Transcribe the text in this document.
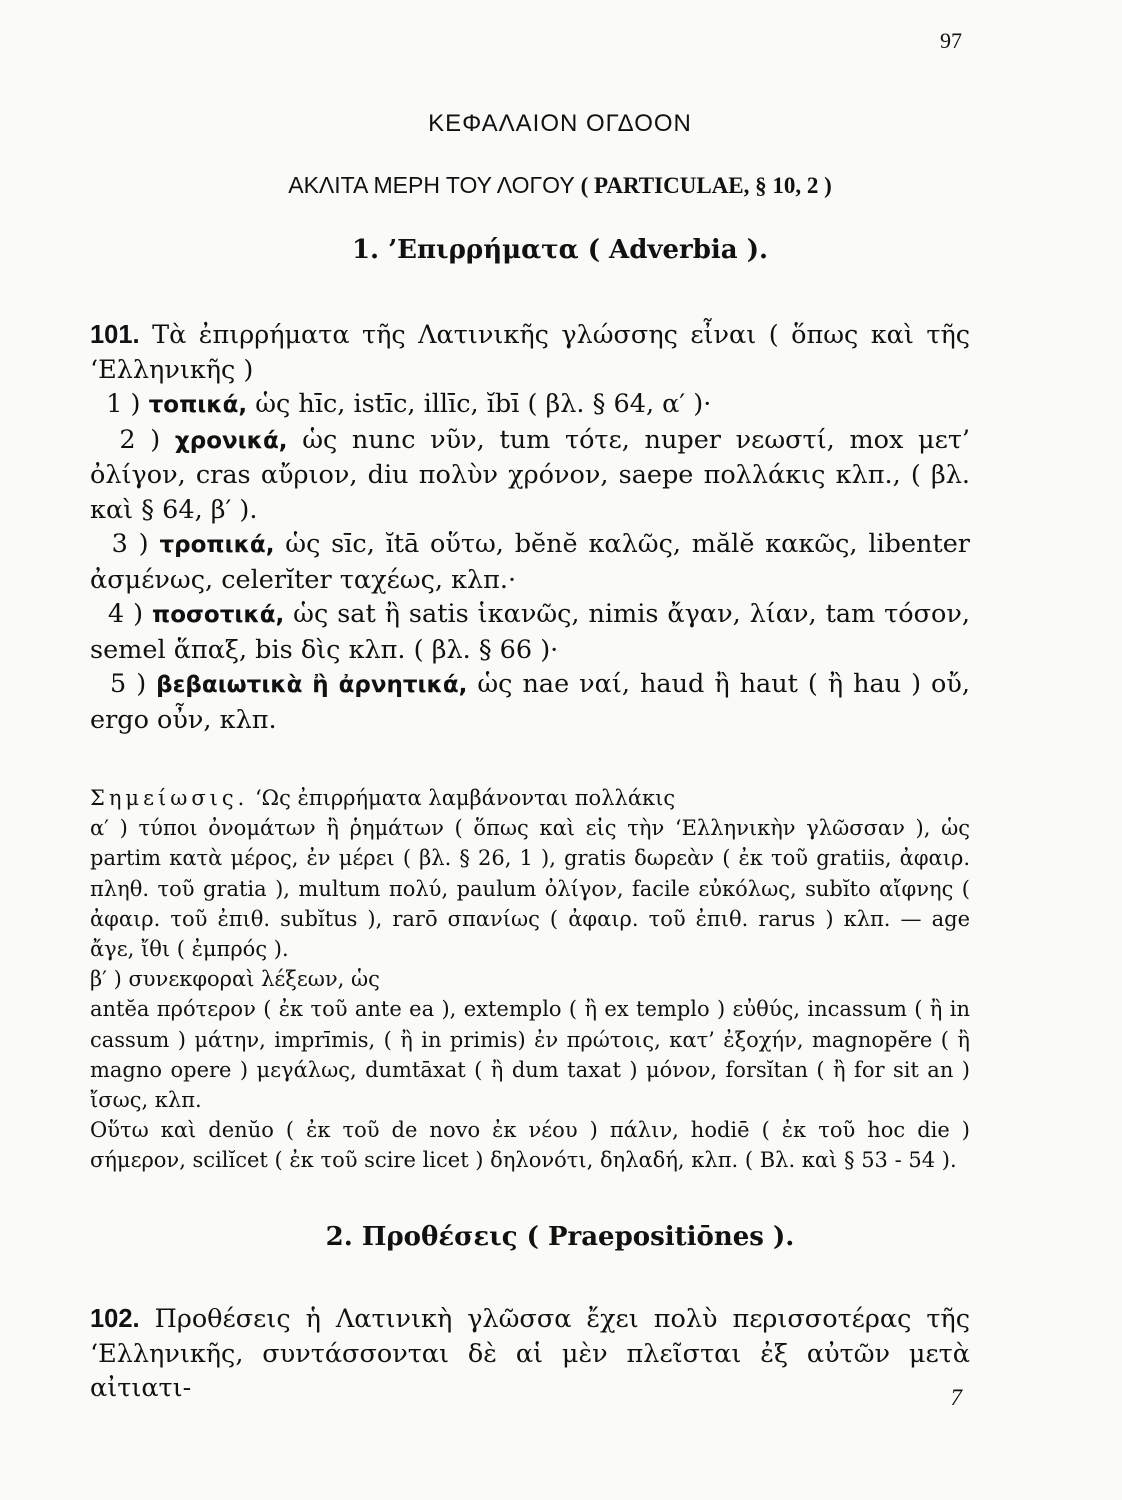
97
ΚΕΦΑΛΑΙΟΝ ΟΓΔΟΟΝ
ΑΚΛΙΤΑ ΜΕΡΗ ΤΟΥ ΛΟΓΟΥ ( PARTICULAE, § 10, 2 )
1. ’Επιρρήματα ( Adverbia ).

101. Τὰ ἐπιρρήματα τῆς Λατινικῆς γλώσσης εἶναι ( ὅπως καὶ τῆς ‘Ελληνικῆς )

1 ) τοπικά, ὡς hīc, istīc, illīc, ĭbī ( βλ. § 64, α′ )·

2 ) χρονικά, ὡς nunc νῦν, tum τότε, nuper νεωστί, mox μετ’ ὀλίγον, cras αὔριον, diu πολὺν χρόνον, saepe πολλάκις κλπ., ( βλ. καὶ § 64, β′ ).

3 ) τροπικά, ὡς sīc, ĭtā οὕτω, bĕnĕ καλῶς, mălĕ κακῶς, libenter ἀσμένως, celerĭter ταχέως, κλπ.·

4 ) ποσοτικά, ὡς sat ἢ satis ἱκανῶς, nimis ἄγαν, λίαν, tam τόσον, semel ἅπαξ, bis δὶς κλπ. ( βλ. § 66 )·

5 ) βεβαιωτικὰ ἢ ἀρνητικά, ὡς nae ναί, haud ἢ haut ( ἢ hau ) οὔ, ergo οὖν, κλπ.

Σημείωσις. ‘Ως ἐπιρρήματα λαμβάνονται πολλάκις

α′ ) τύποι ὀνομάτων ἢ ῥημάτων ( ὅπως καὶ εἰς τὴν ‘Ελληνικὴν γλῶσσαν ), ὡς partim κατὰ μέρος, ἐν μέρει ( βλ. § 26, 1 ), gratis δωρεὰν ( ἐκ τοῦ gratiis, ἀφαιρ. πληθ. τοῦ gratia ), multum πολύ, paulum ὀλίγον, facile εὐκόλως, subĭto αἴφνης ( ἀφαιρ. τοῦ ἐπιθ. subĭtus ), rarō σπανίως ( ἀφαιρ. τοῦ ἐπιθ. rarus ) κλπ. — age ἄγε, ἴθι ( ἐμπρός ).

β′ ) συνεκφοραὶ λέξεων, ὡς

antĕa πρότερον ( ἐκ τοῦ ante ea ), extemplo ( ἢ ex templo ) εὐθύς, incassum ( ἢ in cassum ) μάτην, imprīmis, ( ἢ in primis) ἐν πρώτοις, κατ’ ἐξοχήν, magnopĕre ( ἢ magno opere ) μεγάλως, dumtāxat ( ἢ dum taxat ) μόνον, forsĭtan ( ἢ for sit an ) ἴσως, κλπ.

Οὕτω καὶ denŭo ( ἐκ τοῦ de novo ἐκ νέου ) πάλιν, hodiē ( ἐκ τοῦ hoc die ) σήμερον, scilĭcet ( ἐκ τοῦ scire licet ) δηλονότι, δηλαδή, κλπ. ( Βλ. καὶ § 53 - 54 ).

2. Προθέσεις ( Praepositiōnes ).

102. Προθέσεις ἡ Λατινικὴ γλῶσσα ἔχει πολὺ περισσοτέρας τῆς ‘Ελληνικῆς, συντάσσονται δὲ αἱ μὲν πλεῖσται ἐξ αὐτῶν μετὰ αἰτιατι-	7
